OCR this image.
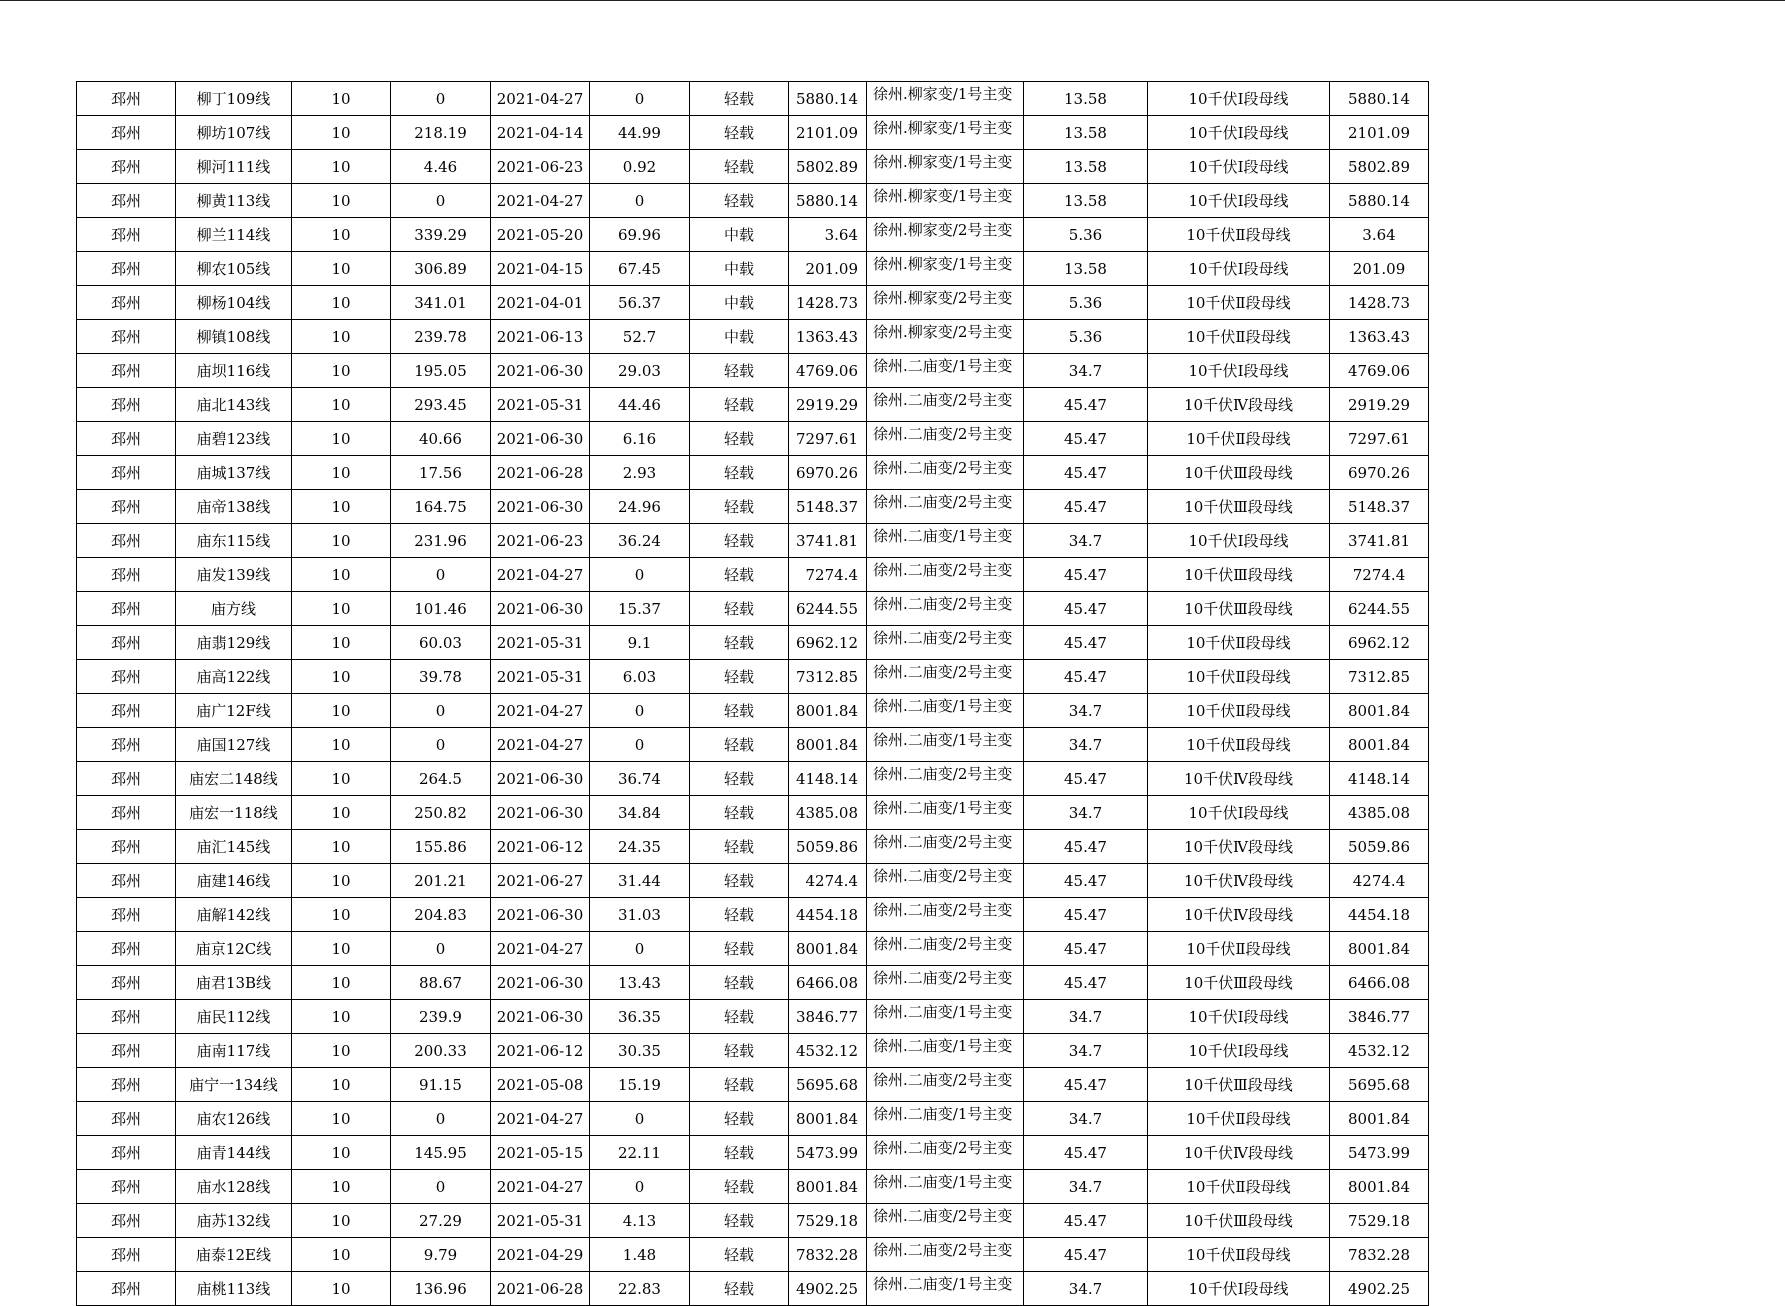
邳州	柳丁109线	10	0	2021-04-27	0	轻载	5880.14	徐州.柳家变/1号主变	13.58	10千伏Ⅰ段母线	5880.14
邳州	柳坊107线	10	218.19	2021-04-14	44.99	轻载	2101.09	徐州.柳家变/1号主变	13.58	10千伏Ⅰ段母线	2101.09
邳州	柳河111线	10	4.46	2021-06-23	0.92	轻载	5802.89	徐州.柳家变/1号主变	13.58	10千伏Ⅰ段母线	5802.89
邳州	柳黄113线	10	0	2021-04-27	0	轻载	5880.14	徐州.柳家变/1号主变	13.58	10千伏Ⅰ段母线	5880.14
邳州	柳兰114线	10	339.29	2021-05-20	69.96	中载	3.64	徐州.柳家变/2号主变	5.36	10千伏Ⅱ段母线	3.64
邳州	柳农105线	10	306.89	2021-04-15	67.45	中载	201.09	徐州.柳家变/1号主变	13.58	10千伏Ⅰ段母线	201.09
邳州	柳杨104线	10	341.01	2021-04-01	56.37	中载	1428.73	徐州.柳家变/2号主变	5.36	10千伏Ⅱ段母线	1428.73
邳州	柳镇108线	10	239.78	2021-06-13	52.7	中载	1363.43	徐州.柳家变/2号主变	5.36	10千伏Ⅱ段母线	1363.43
邳州	庙坝116线	10	195.05	2021-06-30	29.03	轻载	4769.06	徐州.二庙变/1号主变	34.7	10千伏Ⅰ段母线	4769.06
邳州	庙北143线	10	293.45	2021-05-31	44.46	轻载	2919.29	徐州.二庙变/2号主变	45.47	10千伏Ⅳ段母线	2919.29
邳州	庙碧123线	10	40.66	2021-06-30	6.16	轻载	7297.61	徐州.二庙变/2号主变	45.47	10千伏Ⅱ段母线	7297.61
邳州	庙城137线	10	17.56	2021-06-28	2.93	轻载	6970.26	徐州.二庙变/2号主变	45.47	10千伏Ⅲ段母线	6970.26
邳州	庙帝138线	10	164.75	2021-06-30	24.96	轻载	5148.37	徐州.二庙变/2号主变	45.47	10千伏Ⅲ段母线	5148.37
邳州	庙东115线	10	231.96	2021-06-23	36.24	轻载	3741.81	徐州.二庙变/1号主变	34.7	10千伏Ⅰ段母线	3741.81
邳州	庙发139线	10	0	2021-04-27	0	轻载	7274.4	徐州.二庙变/2号主变	45.47	10千伏Ⅲ段母线	7274.4
邳州	庙方线	10	101.46	2021-06-30	15.37	轻载	6244.55	徐州.二庙变/2号主变	45.47	10千伏Ⅲ段母线	6244.55
邳州	庙翡129线	10	60.03	2021-05-31	9.1	轻载	6962.12	徐州.二庙变/2号主变	45.47	10千伏Ⅱ段母线	6962.12
邳州	庙高122线	10	39.78	2021-05-31	6.03	轻载	7312.85	徐州.二庙变/2号主变	45.47	10千伏Ⅱ段母线	7312.85
邳州	庙广12F线	10	0	2021-04-27	0	轻载	8001.84	徐州.二庙变/1号主变	34.7	10千伏Ⅱ段母线	8001.84
邳州	庙国127线	10	0	2021-04-27	0	轻载	8001.84	徐州.二庙变/1号主变	34.7	10千伏Ⅱ段母线	8001.84
邳州	庙宏二148线	10	264.5	2021-06-30	36.74	轻载	4148.14	徐州.二庙变/2号主变	45.47	10千伏Ⅳ段母线	4148.14
邳州	庙宏一118线	10	250.82	2021-06-30	34.84	轻载	4385.08	徐州.二庙变/1号主变	34.7	10千伏Ⅰ段母线	4385.08
邳州	庙汇145线	10	155.86	2021-06-12	24.35	轻载	5059.86	徐州.二庙变/2号主变	45.47	10千伏Ⅳ段母线	5059.86
邳州	庙建146线	10	201.21	2021-06-27	31.44	轻载	4274.4	徐州.二庙变/2号主变	45.47	10千伏Ⅳ段母线	4274.4
邳州	庙解142线	10	204.83	2021-06-30	31.03	轻载	4454.18	徐州.二庙变/2号主变	45.47	10千伏Ⅳ段母线	4454.18
邳州	庙京12C线	10	0	2021-04-27	0	轻载	8001.84	徐州.二庙变/2号主变	45.47	10千伏Ⅱ段母线	8001.84
邳州	庙君13B线	10	88.67	2021-06-30	13.43	轻载	6466.08	徐州.二庙变/2号主变	45.47	10千伏Ⅲ段母线	6466.08
邳州	庙民112线	10	239.9	2021-06-30	36.35	轻载	3846.77	徐州.二庙变/1号主变	34.7	10千伏Ⅰ段母线	3846.77
邳州	庙南117线	10	200.33	2021-06-12	30.35	轻载	4532.12	徐州.二庙变/1号主变	34.7	10千伏Ⅰ段母线	4532.12
邳州	庙宁一134线	10	91.15	2021-05-08	15.19	轻载	5695.68	徐州.二庙变/2号主变	45.47	10千伏Ⅲ段母线	5695.68
邳州	庙农126线	10	0	2021-04-27	0	轻载	8001.84	徐州.二庙变/1号主变	34.7	10千伏Ⅱ段母线	8001.84
邳州	庙青144线	10	145.95	2021-05-15	22.11	轻载	5473.99	徐州.二庙变/2号主变	45.47	10千伏Ⅳ段母线	5473.99
邳州	庙水128线	10	0	2021-04-27	0	轻载	8001.84	徐州.二庙变/1号主变	34.7	10千伏Ⅱ段母线	8001.84
邳州	庙苏132线	10	27.29	2021-05-31	4.13	轻载	7529.18	徐州.二庙变/2号主变	45.47	10千伏Ⅲ段母线	7529.18
邳州	庙泰12E线	10	9.79	2021-04-29	1.48	轻载	7832.28	徐州.二庙变/2号主变	45.47	10千伏Ⅱ段母线	7832.28
邳州	庙桃113线	10	136.96	2021-06-28	22.83	轻载	4902.25	徐州.二庙变/1号主变	34.7	10千伏Ⅰ段母线	4902.25
